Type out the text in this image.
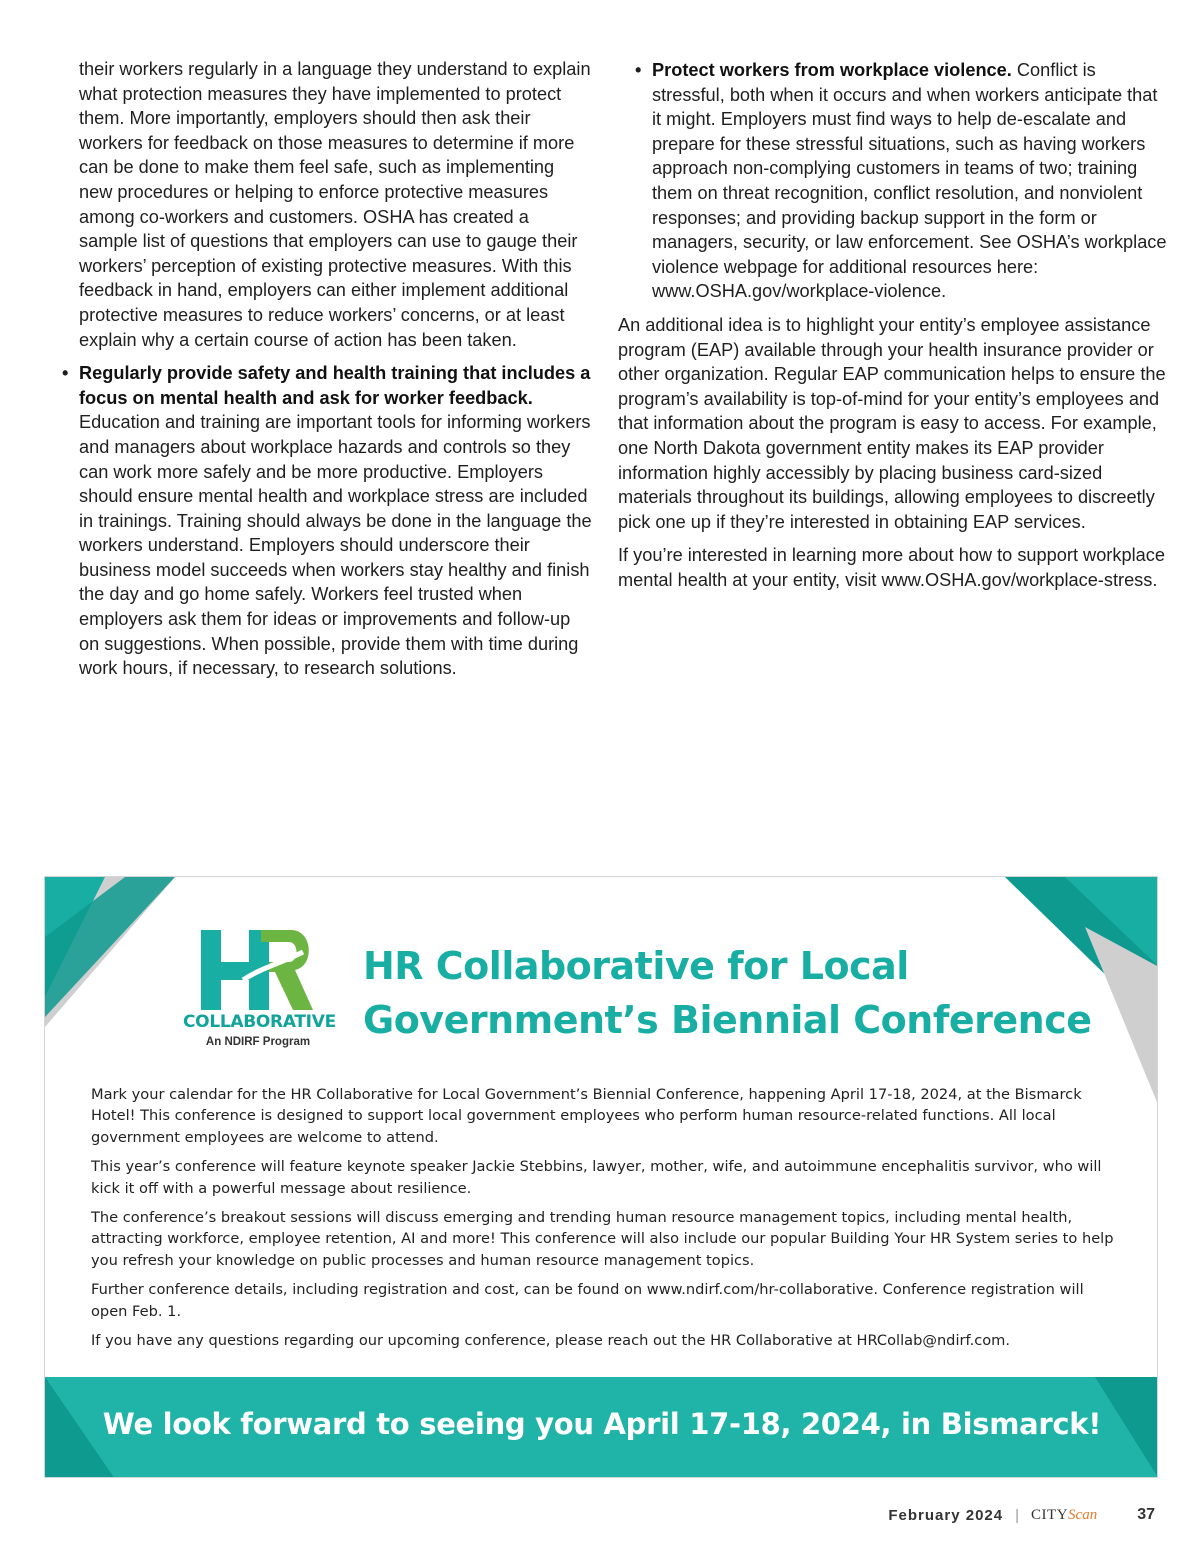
their workers regularly in a language they understand to explain what protection measures they have implemented to protect them. More importantly, employers should then ask their workers for feedback on those measures to determine if more can be done to make them feel safe, such as implementing new procedures or helping to enforce protective measures among co-workers and customers. OSHA has created a sample list of questions that employers can use to gauge their workers’ perception of existing protective measures. With this feedback in hand, employers can either implement additional protective measures to reduce workers’ concerns, or at least explain why a certain course of action has been taken.

• Regularly provide safety and health training that includes a focus on mental health and ask for worker feedback. Education and training are important tools for informing workers and managers about workplace hazards and controls so they can work more safely and be more productive. Employers should ensure mental health and workplace stress are included in trainings. Training should always be done in the language the workers understand. Employers should underscore their business model succeeds when workers stay healthy and finish the day and go home safely. Workers feel trusted when employers ask them for ideas or improvements and follow-up on suggestions. When possible, provide them with time during work hours, if necessary, to research solutions.

• Protect workers from workplace violence. Conflict is stressful, both when it occurs and when workers anticipate that it might. Employers must find ways to help de-escalate and prepare for these stressful situations, such as having workers approach non-complying customers in teams of two; training them on threat recognition, conflict resolution, and nonviolent responses; and providing backup support in the form or managers, security, or law enforcement. See OSHA’s workplace violence webpage for additional resources here: www.OSHA.gov/workplace-violence.

An additional idea is to highlight your entity’s employee assistance program (EAP) available through your health insurance provider or other organization. Regular EAP communication helps to ensure the program’s availability is top-of-mind for your entity’s employees and that information about the program is easy to access. For example, one North Dakota government entity makes its EAP provider information highly accessibly by placing business card-sized materials throughout its buildings, allowing employees to discreetly pick one up if they’re interested in obtaining EAP services.

If you’re interested in learning more about how to support workplace mental health at your entity, visit www.OSHA.gov/workplace-stress.

COLLABORATIVE
An NDIRF Program
HR Collaborative for Local
Government’s Biennial Conference

Mark your calendar for the HR Collaborative for Local Government’s Biennial Conference, happening April 17-18, 2024, at the Bismarck Hotel! This conference is designed to support local government employees who perform human resource-related functions. All local government employees are welcome to attend.

This year’s conference will feature keynote speaker Jackie Stebbins, lawyer, mother, wife, and autoimmune encephalitis survivor, who will kick it off with a powerful message about resilience.

The conference’s breakout sessions will discuss emerging and trending human resource management topics, including mental health, attracting workforce, employee retention, AI and more! This conference will also include our popular Building Your HR System series to help you refresh your knowledge on public processes and human resource management topics.

Further conference details, including registration and cost, can be found on www.ndirf.com/hr-collaborative. Conference registration will open Feb. 1.

If you have any questions regarding our upcoming conference, please reach out the HR Collaborative at HRCollab@ndirf.com.

We look forward to seeing you April 17-18, 2024, in Bismarck!
February 2024 | CITY Scan	37
